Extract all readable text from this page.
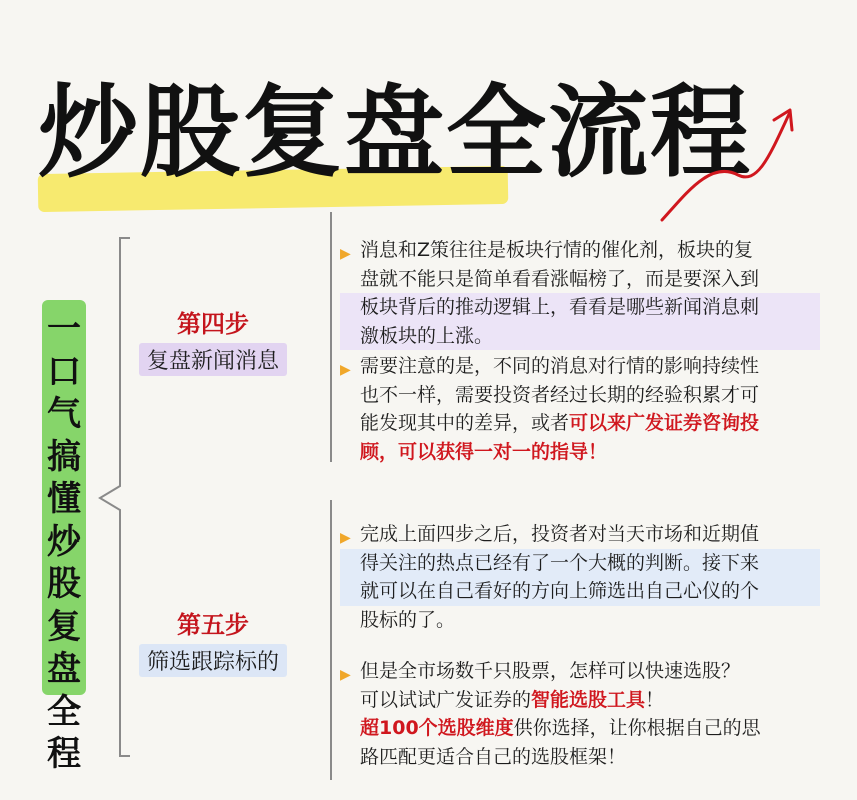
炒股复盘全流程

一
口
气
搞
懂
炒
股
复
盘
全
程

第四步

复盘新闻消息

第五步

筛选跟踪标的
▶ 消息和Z策往往是板块行情的催化剂，板块的复
盘就不能只是简单看看涨幅榜了，而是要深入到
板块背后的推动逻辑上，看看是哪些新闻消息刺
激板块的上涨。
▶ 需要注意的是，不同的消息对行情的影响持续性
也不一样，需要投资者经过长期的经验积累才可
能发现其中的差异，或者可以来广发证券咨询投
顾，可以获得一对一的指导！
▶ 完成上面四步之后，投资者对当天市场和近期值
得关注的热点已经有了一个大概的判断。接下来
就可以在自己看好的方向上筛选出自己心仪的个
股标的了。
▶ 但是全市场数千只股票，怎样可以快速选股？
可以试试广发证券的智能选股工具！
超100个选股维度供你选择，让你根据自己的思
路匹配更适合自己的选股框架！
